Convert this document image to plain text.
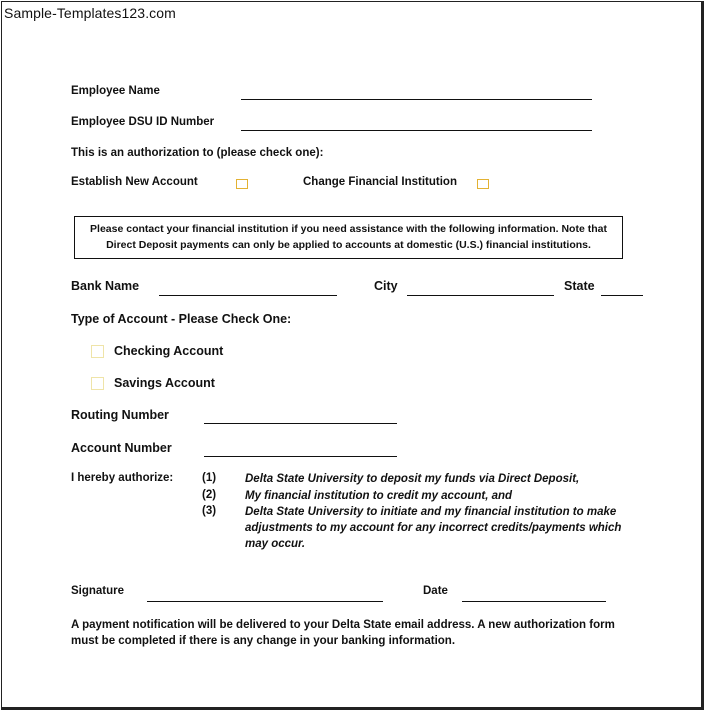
Sample-Templates123.com
Employee Name
Employee DSU ID Number
This is an authorization to (please check one):
Establish New Account	Change Financial Institution
Please contact your financial institution if you need assistance with the following information. Note that
Direct Deposit payments can only be applied to accounts at domestic (U.S.) financial institutions.
Bank Name	City	State
Type of Account - Please Check One:
Checking Account
Savings Account
Routing Number
Account Number
I hereby authorize:	(1)	Delta State University to deposit my funds via Direct Deposit,
(2)	My financial institution to credit my account, and
(3)	Delta State University to initiate and my financial institution to make
adjustments to my account for any incorrect credits/payments which
may occur.
Signature	Date
A payment notification will be delivered to your Delta State email address. A new authorization form
must be completed if there is any change in your banking information.
